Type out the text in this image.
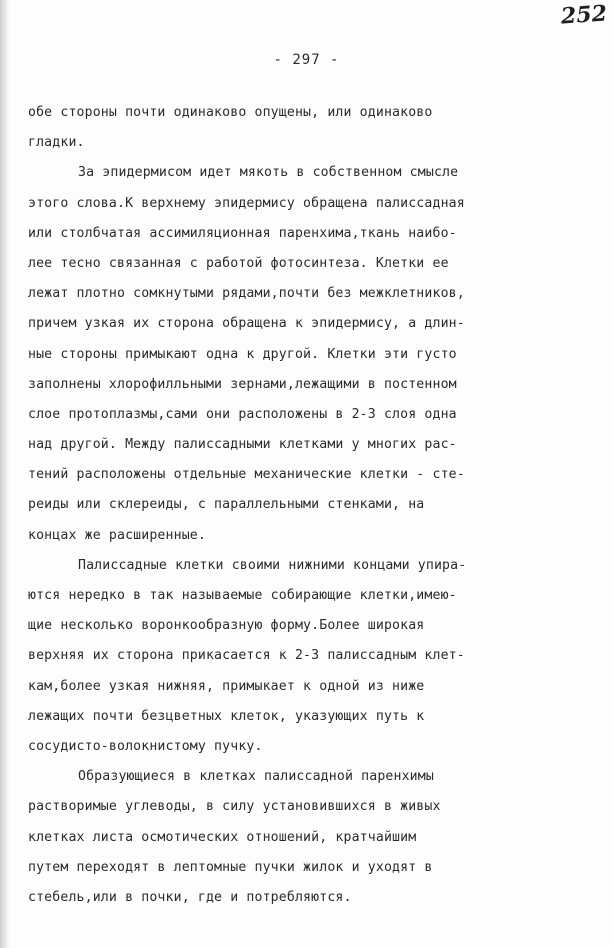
252
- 297 -
обе стороны почти одинаково опущены, или одинаково
гладки.
За эпидермисом идет мякоть в собственном смысле
этого слова.К верхнему эпидермису обращена палиссадная
или столбчатая ассимиляционная паренхима,ткань наибо-
лее тесно связанная с работой фотосинтеза. Клетки ее
лежат плотно сомкнутыми рядами,почти без межклетников,
причем узкая их сторона обращена к эпидермису, а длин-
ные стороны примыкают одна к другой. Клетки эти густо
заполнены хлорофилльными зернами,лежащими в постенном
слое протоплазмы,сами они расположены в 2-3 слоя одна
над другой. Между палиссадными клетками у многих рас-
тений расположены отдельные механические клетки - сте-
реиды или склереиды, с параллельными стенками, на
концах же расширенные.
Палиссадные клетки своими нижними концами упира-
ются нередко в так называемые собирающие клетки,имею-
щие несколько воронкообразную форму.Более широкая
верхняя их сторона прикасается к 2-3 палиссадным клет-
кам,более узкая нижняя, примыкает к одной из ниже
лежащих почти безцветных клеток, указующих путь к
сосудисто-волокнистому пучку.
Образующиеся в клетках палиссадной паренхимы
растворимые углеводы, в силу установившихся в живых
клетках листа осмотических отношений, кратчайшим
путем переходят в лептомные пучки жилок и уходят в
стебель,или в почки, где и потребляются.
